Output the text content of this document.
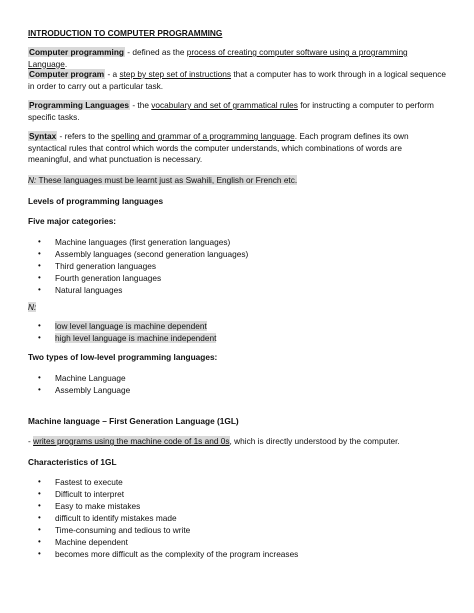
INTRODUCTION TO COMPUTER PROGRAMMING
Computer programming - defined as the process of creating computer software using a programming Language.
Computer program - a step by step set of instructions that a computer has to work through in a logical sequence in order to carry out a particular task.
Programming Languages - the vocabulary and set of grammatical rules for instructing a computer to perform specific tasks.
Syntax - refers to the spelling and grammar of a programming language. Each program defines its own syntactical rules that control which words the computer understands, which combinations of words are meaningful, and what punctuation is necessary.
N: These languages must be learnt just as Swahili, English or French etc.
Levels of programming languages
Five major categories:
• Machine languages (first generation languages)
• Assembly languages (second generation languages)
• Third generation languages
• Fourth generation languages
• Natural languages
N:
• low level language is machine dependent
• high level language is machine independent
Two types of low-level programming languages:
• Machine Language
• Assembly Language
Machine language – First Generation Language (1GL)
- writes programs using the machine code of 1s and 0s, which is directly understood by the computer.
Characteristics of 1GL
• Fastest to execute
• Difficult to interpret
• Easy to make mistakes
• difficult to identify mistakes made
• Time-consuming and tedious to write
• Machine dependent
• becomes more difficult as the complexity of the program increases
